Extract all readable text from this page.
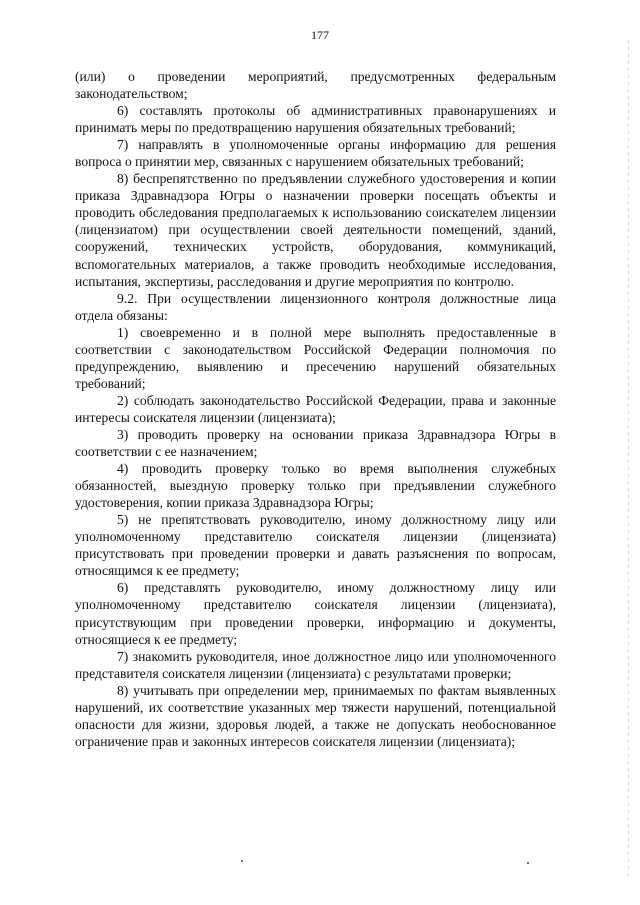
177

(или) о проведении мероприятий, предусмотренных федеральным законодательством;

6) составлять протоколы об административных правонарушениях и принимать меры по предотвращению нарушения обязательных требований;

7) направлять в уполномоченные органы информацию для решения вопроса о принятии мер, связанных с нарушением обязательных требований;

8) беспрепятственно по предъявлении служебного удостоверения и копии приказа Здравнадзора Югры о назначении проверки посещать объекты и проводить обследования предполагаемых к использованию соискателем лицензии (лицензиатом) при осуществлении своей деятельности помещений, зданий, сооружений, технических устройств, оборудования, коммуникаций, вспомогательных материалов, а также проводить необходимые исследования, испытания, экспертизы, расследования и другие мероприятия по контролю.

9.2. При осуществлении лицензионного контроля должностные лица отдела обязаны:

1) своевременно и в полной мере выполнять предоставленные в соответствии с законодательством Российской Федерации полномочия по предупреждению, выявлению и пресечению нарушений обязательных требований;

2) соблюдать законодательство Российской Федерации, права и законные интересы соискателя лицензии (лицензиата);

3) проводить проверку на основании приказа Здравнадзора Югры в соответствии с ее назначением;

4) проводить проверку только во время выполнения служебных обязанностей, выездную проверку только при предъявлении служебного удостоверения, копии приказа Здравнадзора Югры;

5) не препятствовать руководителю, иному должностному лицу или уполномоченному представителю соискателя лицензии (лицензиата) присутствовать при проведении проверки и давать разъяснения по вопросам, относящимся к ее предмету;

6) представлять руководителю, иному должностному лицу или уполномоченному представителю соискателя лицензии (лицензиата), присутствующим при проведении проверки, информацию и документы, относящиеся к ее предмету;

7) знакомить руководителя, иное должностное лицо или уполномоченного представителя соискателя лицензии (лицензиата) с результатами проверки;

8) учитывать при определении мер, принимаемых по фактам выявленных нарушений, их соответствие указанных мер тяжести нарушений, потенциальной опасности для жизни, здоровья людей, а также не допускать необоснованное ограничение прав и законных интересов соискателя лицензии (лицензиата);
